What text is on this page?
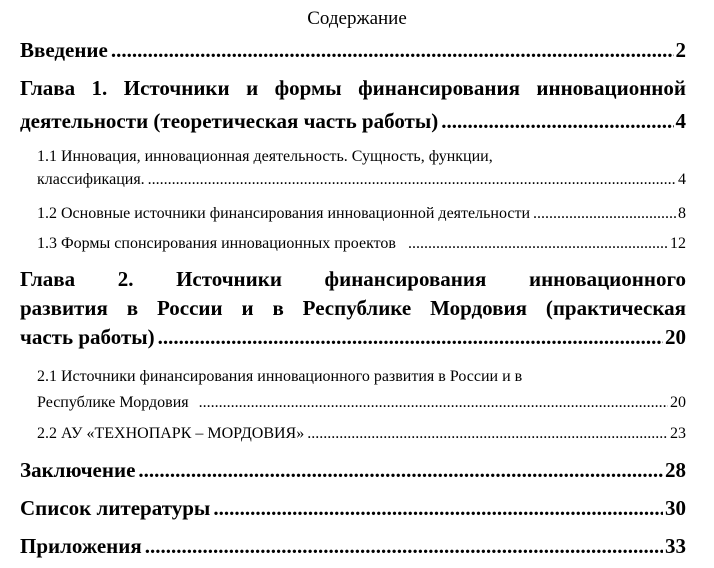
Содержание
Введение .....	2
Глава 1. Источники и формы финансирования инновационной
деятельности (теоретическая часть работы) .....	4
1.1 Инновация, инновационная деятельность. Сущность, функции,
классификация. .....	4
1.2 Основные источники финансирования инновационной деятельности .....	8
1.3 Формы спонсирования инновационных проектов .....	12
Глава 2. Источники финансирования инновационного
развития в России и в Республике Мордовия (практическая
часть работы) .....	20
2.1 Источники финансирования инновационного развития в России и в
Республике Мордовия .....	20
2.2 АУ «ТЕХНОПАРК – МОРДОВИЯ» .....	23
Заключение .....	28
Список литературы .....	30
Приложения .....	33
